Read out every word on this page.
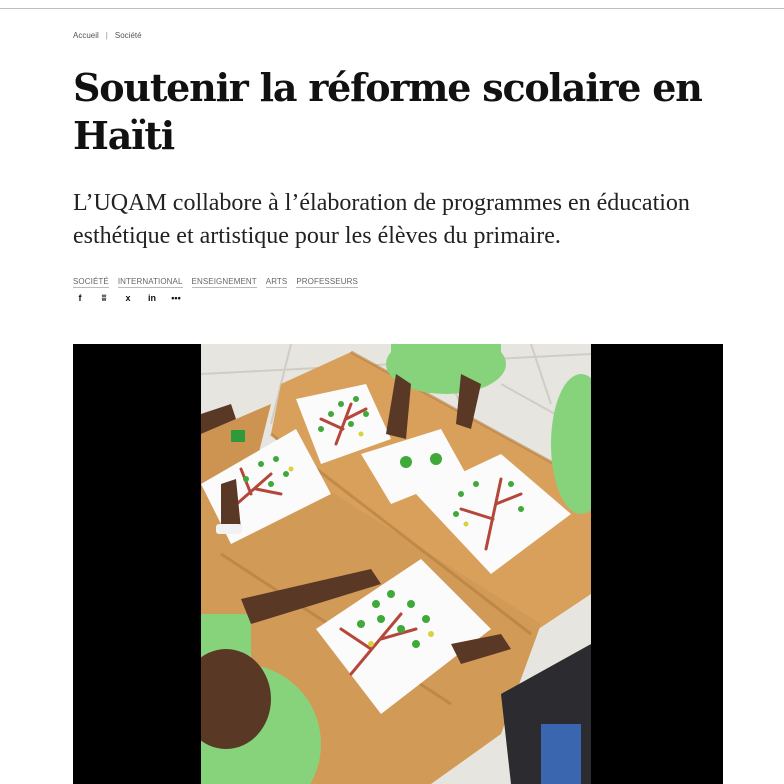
Accueil | Société
Soutenir la réforme scolaire en Haïti

L’UQAM collabore à l’élaboration de programmes en éducation esthétique et artistique pour les élèves du primaire.

SOCIÉTÉ INTERNATIONAL ENSEIGNEMENT ARTS PROFESSEURS
f	ʬ	x	in	•••
